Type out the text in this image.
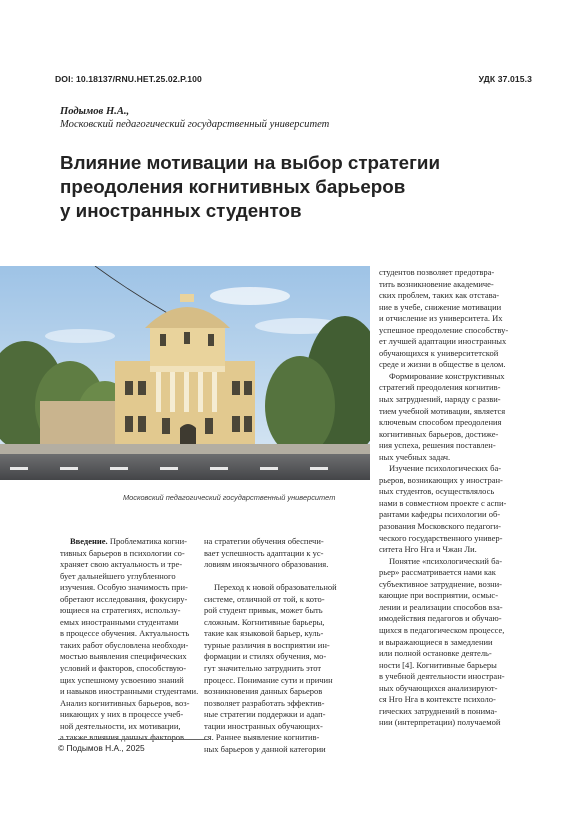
DOI: 10.18137/RNU.HET.25.02.P.100	УДК 37.015.3
Подымов Н.А.,
Московский педагогический государственный университет
Влияние мотивации на выбор стратегии
преодоления когнитивных барьеров
у иностранных студентов
Московский педагогический государственный университет
Введение. Проблематика когни-
тивных барьеров в психологии со-
храняет свою актуальность и тре-
бует дальнейшего углубленного
изучения. Особую значимость при-
обретают исследования, фокусиру-
ющиеся на стратегиях, использу-
емых иностранными студентами
в процессе обучения. Актуальность
таких работ обусловлена необходи-
мостью выявления специфических
условий и факторов, способствую-
щих успешному усвоению знаний
и навыков иностранными студентами.
Анализ когнитивных барьеров, воз-
никающих у них в процессе учеб-
ной деятельности, их мотивации,
а также влияния данных факторов
на стратегии обучения обеспечи-
вает успешность адаптации к ус-
ловиям иноязычного образования.

Переход к новой образовательной
системе, отличной от той, к кото-
рой студент привык, может быть
сложным. Когнитивные барьеры,
такие как языковой барьер, куль-
турные различия в восприятии ин-
формации и стилях обучения, мо-
гут значительно затруднить этот
процесс. Понимание сути и причин
возникновения данных барьеров
позволяет разработать эффектив-
ные стратегии поддержки и адап-
тации иностранных обучающих-
ся. Раннее выявление когнитив-
ных барьеров у данной категории
студентов позволяет предотвра-
тить возникновение академиче-
ских проблем, таких как отстава-
ние в учебе, снижение мотивации
и отчисление из университета. Их
успешное преодоление способству-
ет лучшей адаптации иностранных
обучающихся к университетской
среде и жизни в обществе в целом.
Формирование конструктивных
стратегий преодоления когнитив-
ных затруднений, наряду с разви-
тием учебной мотивации, является
ключевым способом преодоления
когнитивных барьеров, достиже-
ния успеха, решения поставлен-
ных учебных задач.
Изучение психологических ба-
рьеров, возникающих у иностран-
ных студентов, осуществлялось
нами в совместном проекте с аспи-
рантами кафедры психологии об-
разования Московского педагоги-
ческого государственного универ-
ситета Нго Нга и Чжан Ли.
Понятие «психологический ба-
рьер» рассматривается нами как
субъективное затруднение, возни-
кающие при восприятии, осмыс-
лении и реализации способов вза-
имодействия педагогов и обучаю-
щихся в педагогическом процессе,
и выражающиеся в замедлении
или полной остановке деятель-
ности [4]. Когнитивные барьеры
в учебной деятельности иностран-
ных обучающихся анализируют-
ся Нго Нга в контексте психоло-
гических затруднений в понима-
нии (интерпретации) получаемой
© Подымов Н.А., 2025
